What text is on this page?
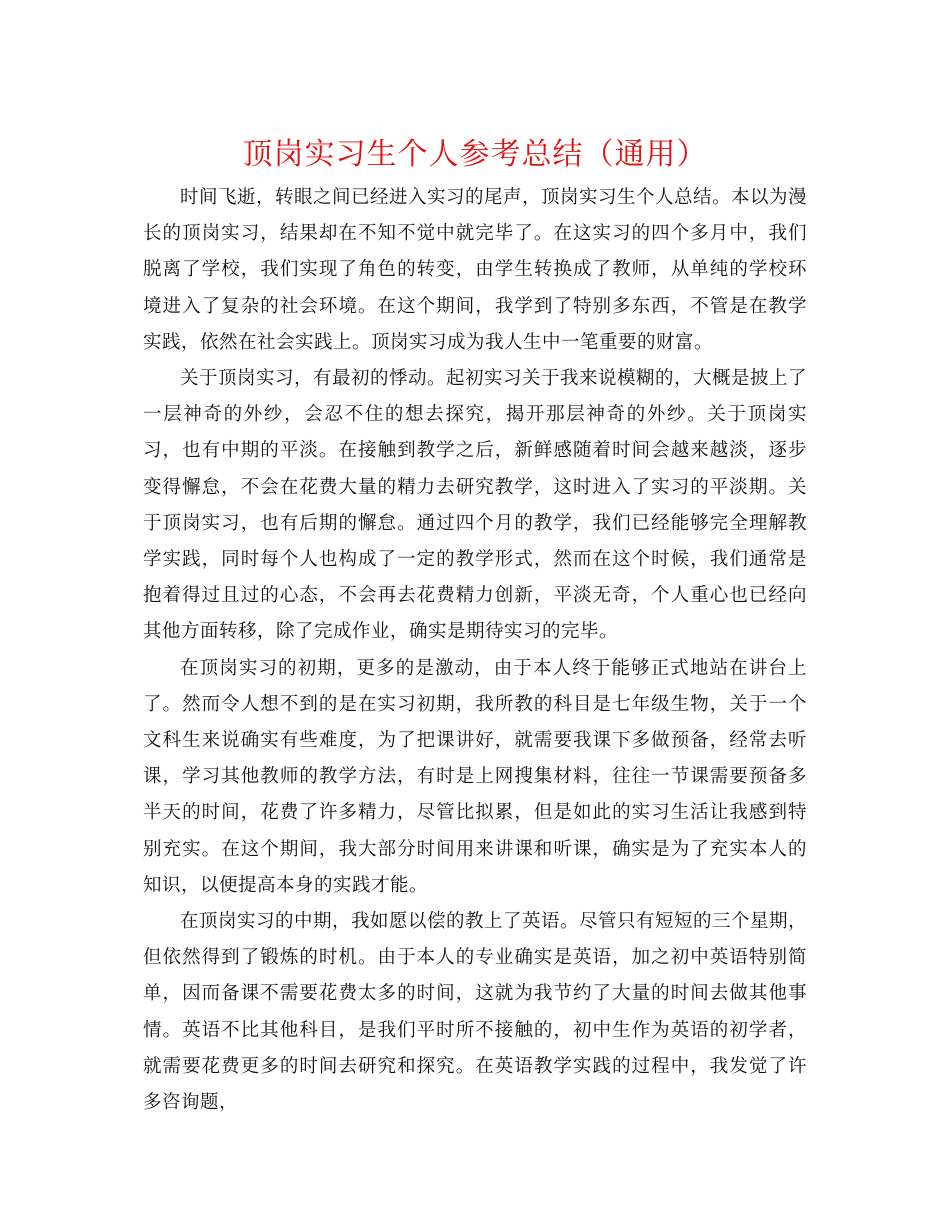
顶岗实习生个人参考总结（通用）

时间飞逝，转眼之间已经进入实习的尾声，顶岗实习生个人总结。本以为漫长的顶岗实习，结果却在不知不觉中就完毕了。在这实习的四个多月中，我们脱离了学校，我们实现了角色的转变，由学生转换成了教师，从单纯的学校环境进入了复杂的社会环境。在这个期间，我学到了特别多东西，不管是在教学实践，依然在社会实践上。顶岗实习成为我人生中一笔重要的财富。

关于顶岗实习，有最初的悸动。起初实习关于我来说模糊的，大概是披上了一层神奇的外纱，会忍不住的想去探究，揭开那层神奇的外纱。关于顶岗实习，也有中期的平淡。在接触到教学之后，新鲜感随着时间会越来越淡，逐步变得懈怠，不会在花费大量的精力去研究教学，这时进入了实习的平淡期。关于顶岗实习，也有后期的懈怠。通过四个月的教学，我们已经能够完全理解教学实践，同时每个人也构成了一定的教学形式，然而在这个时候，我们通常是抱着得过且过的心态，不会再去花费精力创新，平淡无奇，个人重心也已经向其他方面转移，除了完成作业，确实是期待实习的完毕。

在顶岗实习的初期，更多的是激动，由于本人终于能够正式地站在讲台上了。然而令人想不到的是在实习初期，我所教的科目是七年级生物，关于一个文科生来说确实有些难度，为了把课讲好，就需要我课下多做预备，经常去听课，学习其他教师的教学方法，有时是上网搜集材料，往往一节课需要预备多半天的时间，花费了许多精力，尽管比拟累，但是如此的实习生活让我感到特别充实。在这个期间，我大部分时间用来讲课和听课，确实是为了充实本人的知识，以便提高本身的实践才能。

在顶岗实习的中期，我如愿以偿的教上了英语。尽管只有短短的三个星期，但依然得到了锻炼的时机。由于本人的专业确实是英语，加之初中英语特别简单，因而备课不需要花费太多的时间，这就为我节约了大量的时间去做其他事情。英语不比其他科目，是我们平时所不接触的，初中生作为英语的初学者，就需要花费更多的时间去研究和探究。在英语教学实践的过程中，我发觉了许多咨询题，
